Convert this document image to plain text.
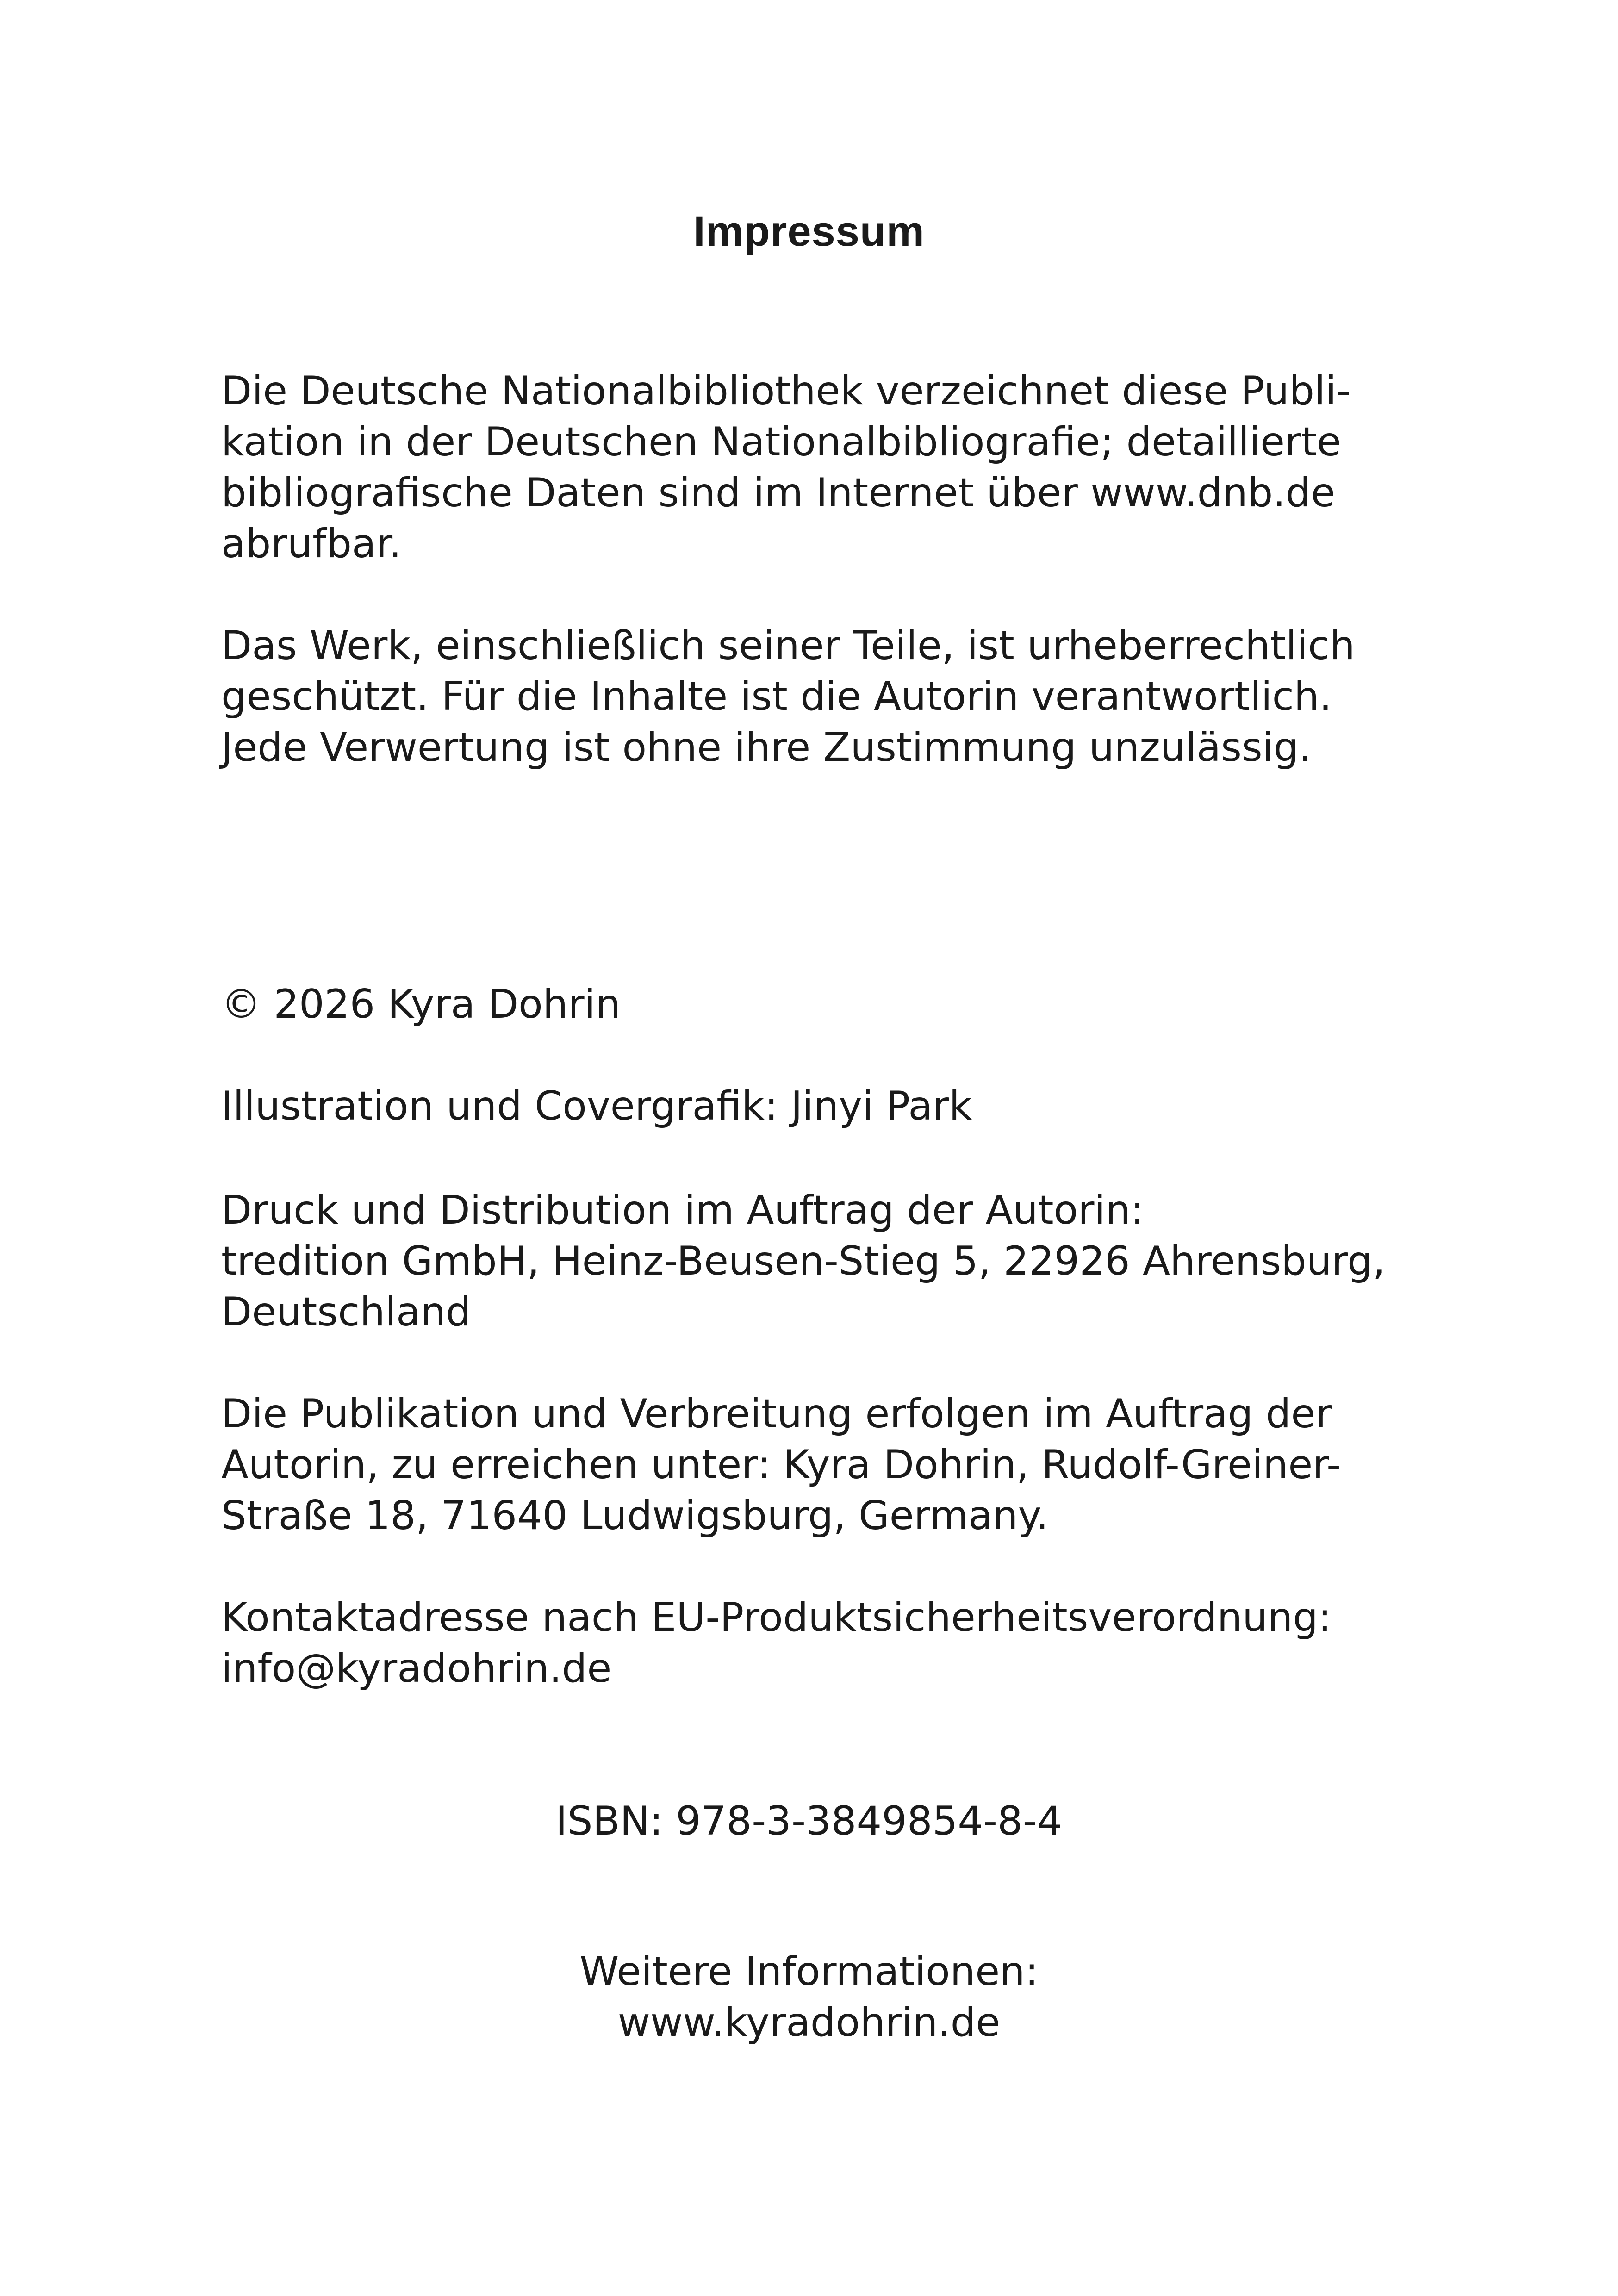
Impressum

Die Deutsche Nationalbibliothek verzeichnet diese Publi-
kation in der Deutschen Nationalbibliografie; detaillierte
bibliografische Daten sind im Internet über www.dnb.de
abrufbar.

Das Werk, einschließlich seiner Teile, ist urheberrechtlich
geschützt. Für die Inhalte ist die Autorin verantwortlich.
Jede Verwertung ist ohne ihre Zustimmung unzulässig.

© 2026 Kyra Dohrin

Illustration und Covergrafik: Jinyi Park

Druck und Distribution im Auftrag der Autorin:
tredition GmbH, Heinz-Beusen-Stieg 5, 22926 Ahrensburg,
Deutschland

Die Publikation und Verbreitung erfolgen im Auftrag der
Autorin, zu erreichen unter: Kyra Dohrin, Rudolf-Greiner-
Straße 18, 71640 Ludwigsburg, Germany.

Kontaktadresse nach EU-Produktsicherheitsverordnung:
info@kyradohrin.de

ISBN: 978-3-3849854-8-4

Weitere Informationen:
www.kyradohrin.de
